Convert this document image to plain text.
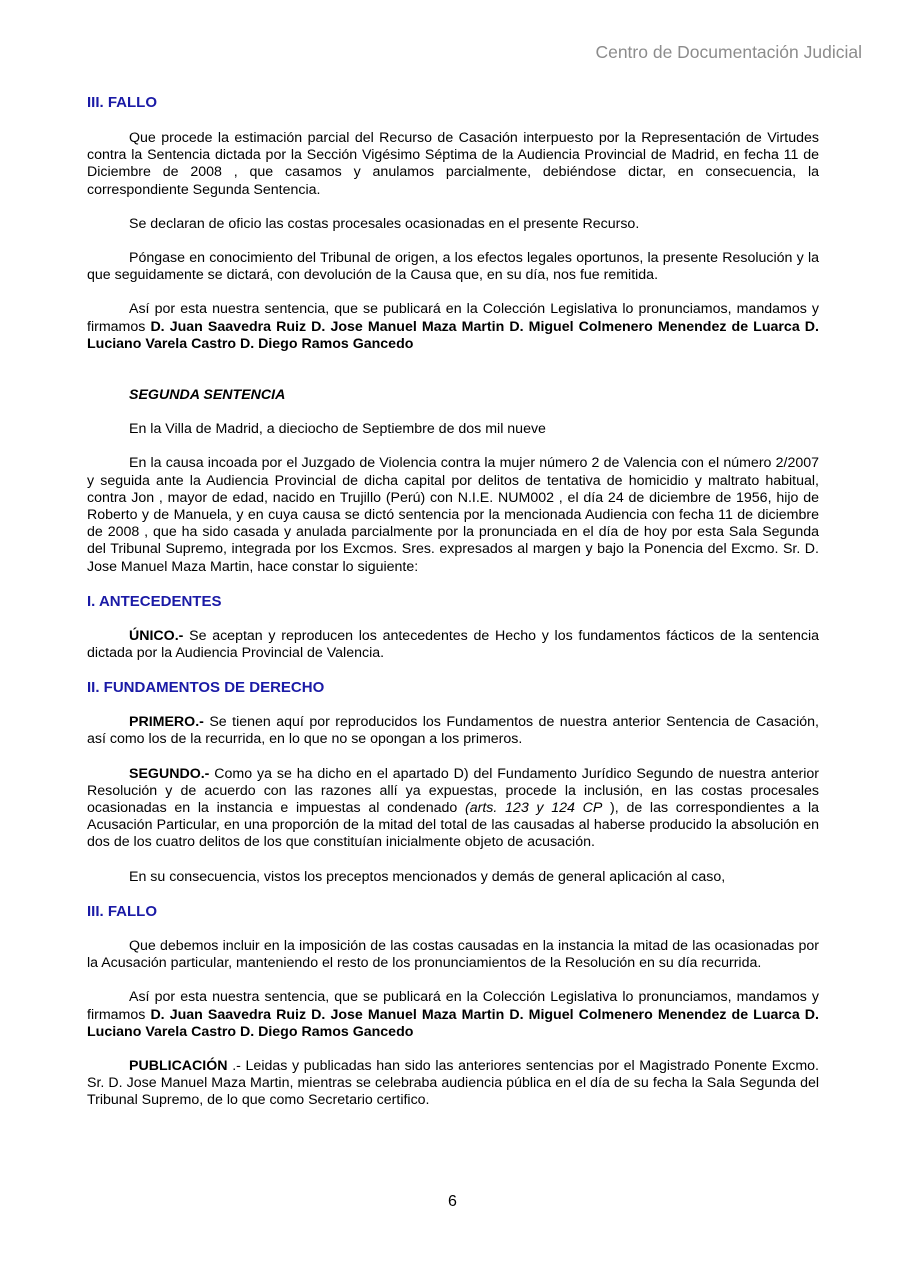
Centro de Documentación Judicial
III. FALLO

Que procede la estimación parcial del Recurso de Casación interpuesto por la Representación de Virtudes contra la Sentencia dictada por la Sección Vigésimo Séptima de la Audiencia Provincial de Madrid, en fecha 11 de Diciembre de 2008 , que casamos y anulamos parcialmente, debiéndose dictar, en consecuencia, la correspondiente Segunda Sentencia.

Se declaran de oficio las costas procesales ocasionadas en el presente Recurso.

Póngase en conocimiento del Tribunal de origen, a los efectos legales oportunos, la presente Resolución y la que seguidamente se dictará, con devolución de la Causa que, en su día, nos fue remitida.

Así por esta nuestra sentencia, que se publicará en la Colección Legislativa lo pronunciamos, mandamos y firmamos D. Juan Saavedra Ruiz D. Jose Manuel Maza Martin D. Miguel Colmenero Menendez de Luarca D. Luciano Varela Castro D. Diego Ramos Gancedo

SEGUNDA SENTENCIA

En la Villa de Madrid, a dieciocho de Septiembre de dos mil nueve

En la causa incoada por el Juzgado de Violencia contra la mujer número 2 de Valencia con el número 2/2007 y seguida ante la Audiencia Provincial de dicha capital por delitos de tentativa de homicidio y maltrato habitual, contra Jon , mayor de edad, nacido en Trujillo (Perú) con N.I.E. NUM002 , el día 24 de diciembre de 1956, hijo de Roberto y de Manuela, y en cuya causa se dictó sentencia por la mencionada Audiencia con fecha 11 de diciembre de 2008 , que ha sido casada y anulada parcialmente por la pronunciada en el día de hoy por esta Sala Segunda del Tribunal Supremo, integrada por los Excmos. Sres. expresados al margen y bajo la Ponencia del Excmo. Sr. D. Jose Manuel Maza Martin, hace constar lo siguiente:

I. ANTECEDENTES

ÚNICO.- Se aceptan y reproducen los antecedentes de Hecho y los fundamentos fácticos de la sentencia dictada por la Audiencia Provincial de Valencia.

II. FUNDAMENTOS DE DERECHO

PRIMERO.- Se tienen aquí por reproducidos los Fundamentos de nuestra anterior Sentencia de Casación, así como los de la recurrida, en lo que no se opongan a los primeros.

SEGUNDO.- Como ya se ha dicho en el apartado D) del Fundamento Jurídico Segundo de nuestra anterior Resolución y de acuerdo con las razones allí ya expuestas, procede la inclusión, en las costas procesales ocasionadas en la instancia e impuestas al condenado (arts. 123 y 124 CP ), de las correspondientes a la Acusación Particular, en una proporción de la mitad del total de las causadas al haberse producido la absolución en dos de los cuatro delitos de los que constituían inicialmente objeto de acusación.

En su consecuencia, vistos los preceptos mencionados y demás de general aplicación al caso,

III. FALLO

Que debemos incluir en la imposición de las costas causadas en la instancia la mitad de las ocasionadas por la Acusación particular, manteniendo el resto de los pronunciamientos de la Resolución en su día recurrida.

Así por esta nuestra sentencia, que se publicará en la Colección Legislativa lo pronunciamos, mandamos y firmamos D. Juan Saavedra Ruiz D. Jose Manuel Maza Martin D. Miguel Colmenero Menendez de Luarca D. Luciano Varela Castro D. Diego Ramos Gancedo

PUBLICACIÓN .- Leidas y publicadas han sido las anteriores sentencias por el Magistrado Ponente Excmo. Sr. D. Jose Manuel Maza Martin, mientras se celebraba audiencia pública en el día de su fecha la Sala Segunda del Tribunal Supremo, de lo que como Secretario certifico.

6
